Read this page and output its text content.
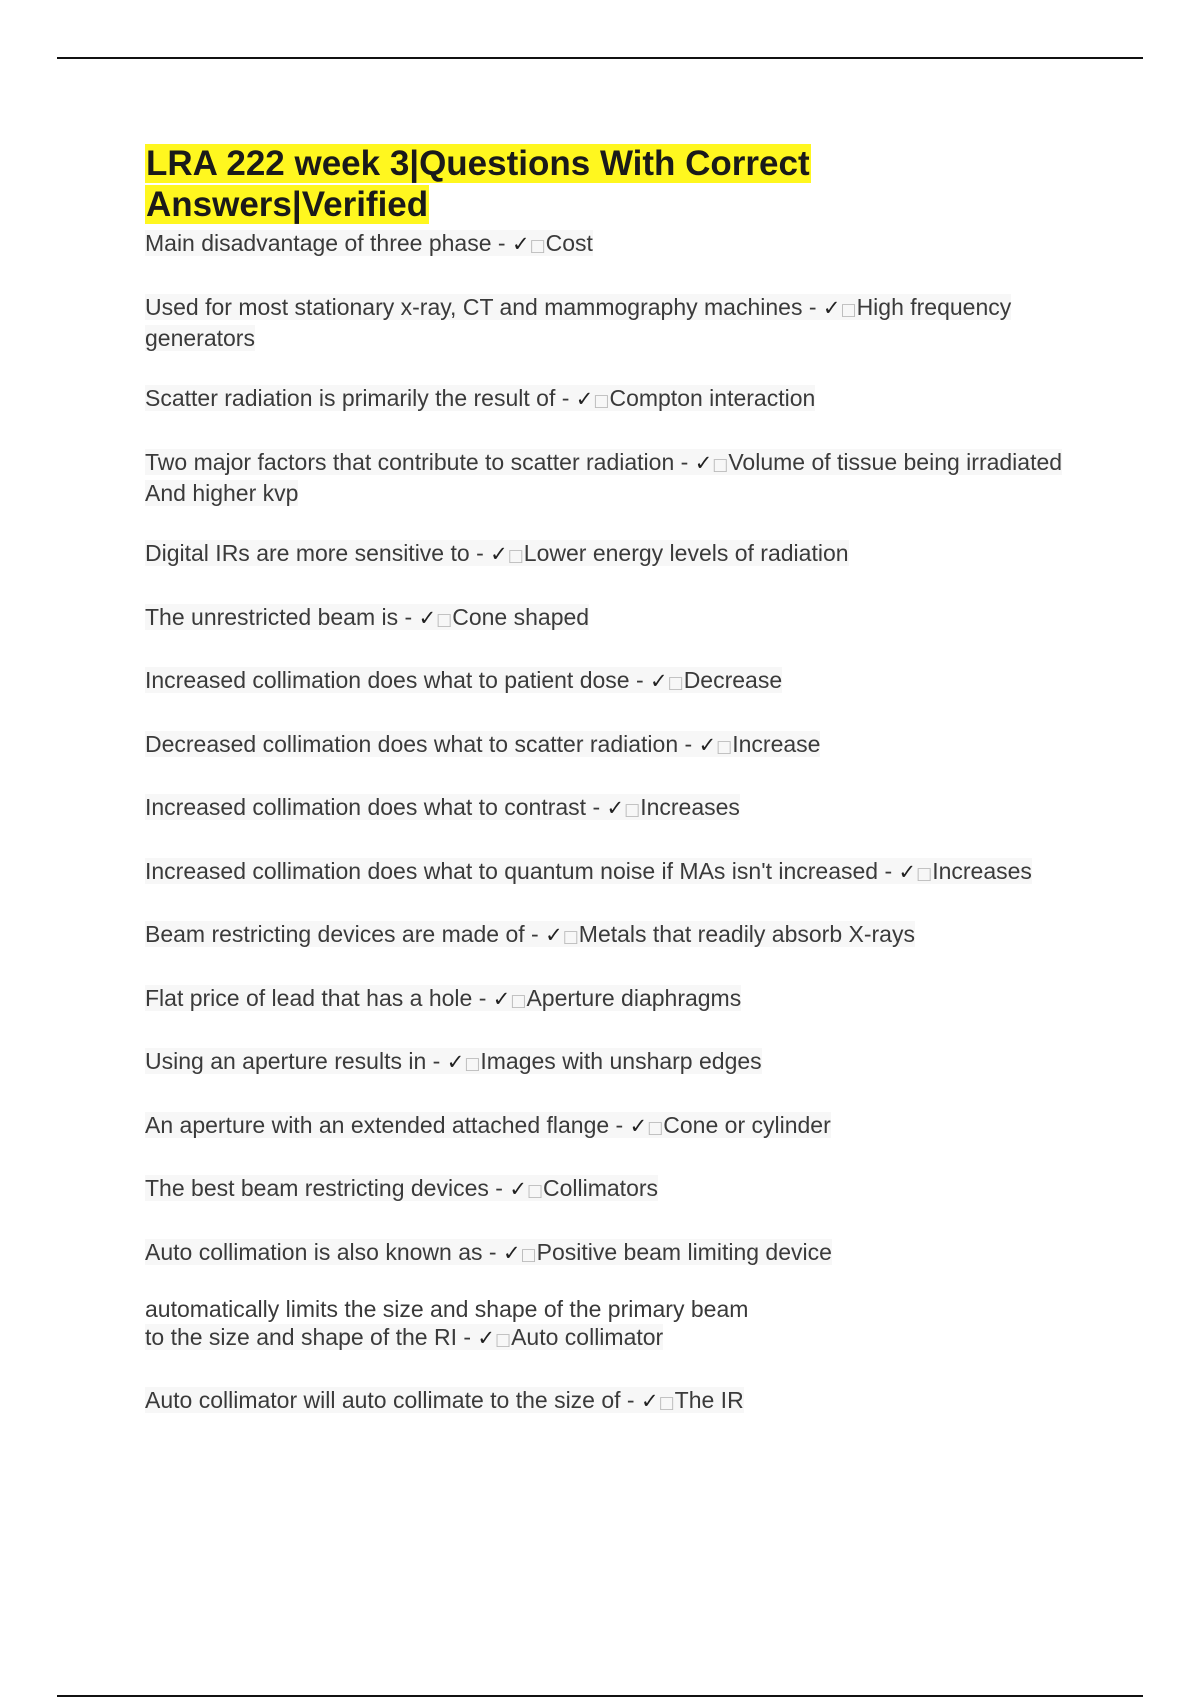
LRA 222 week 3|Questions With Correct
Answers|Verified
Main disadvantage of three phase - ✓□Cost
Used for most stationary x-ray, CT and mammography machines - ✓□High frequency generators
Scatter radiation is primarily the result of - ✓□Compton interaction
Two major factors that contribute to scatter radiation - ✓□Volume of tissue being irradiated
And higher kvp
Digital IRs are more sensitive to - ✓□Lower energy levels of radiation
The unrestricted beam is - ✓□Cone shaped
Increased collimation does what to patient dose - ✓□Decrease
Decreased collimation does what to scatter radiation - ✓□Increase
Increased collimation does what to contrast - ✓□Increases
Increased collimation does what to quantum noise if MAs isn't increased - ✓□Increases
Beam restricting devices are made of - ✓□Metals that readily absorb X-rays
Flat price of lead that has a hole - ✓□Aperture diaphragms
Using an aperture results in - ✓□Images with unsharp edges
An aperture with an extended attached flange - ✓□Cone or cylinder
The best beam restricting devices - ✓□Collimators
Auto collimation is also known as - ✓□Positive beam limiting device
automatically limits the size and shape of the primary beam
to the size and shape of the RI - ✓□Auto collimator
Auto collimator will auto collimate to the size of - ✓□The IR
